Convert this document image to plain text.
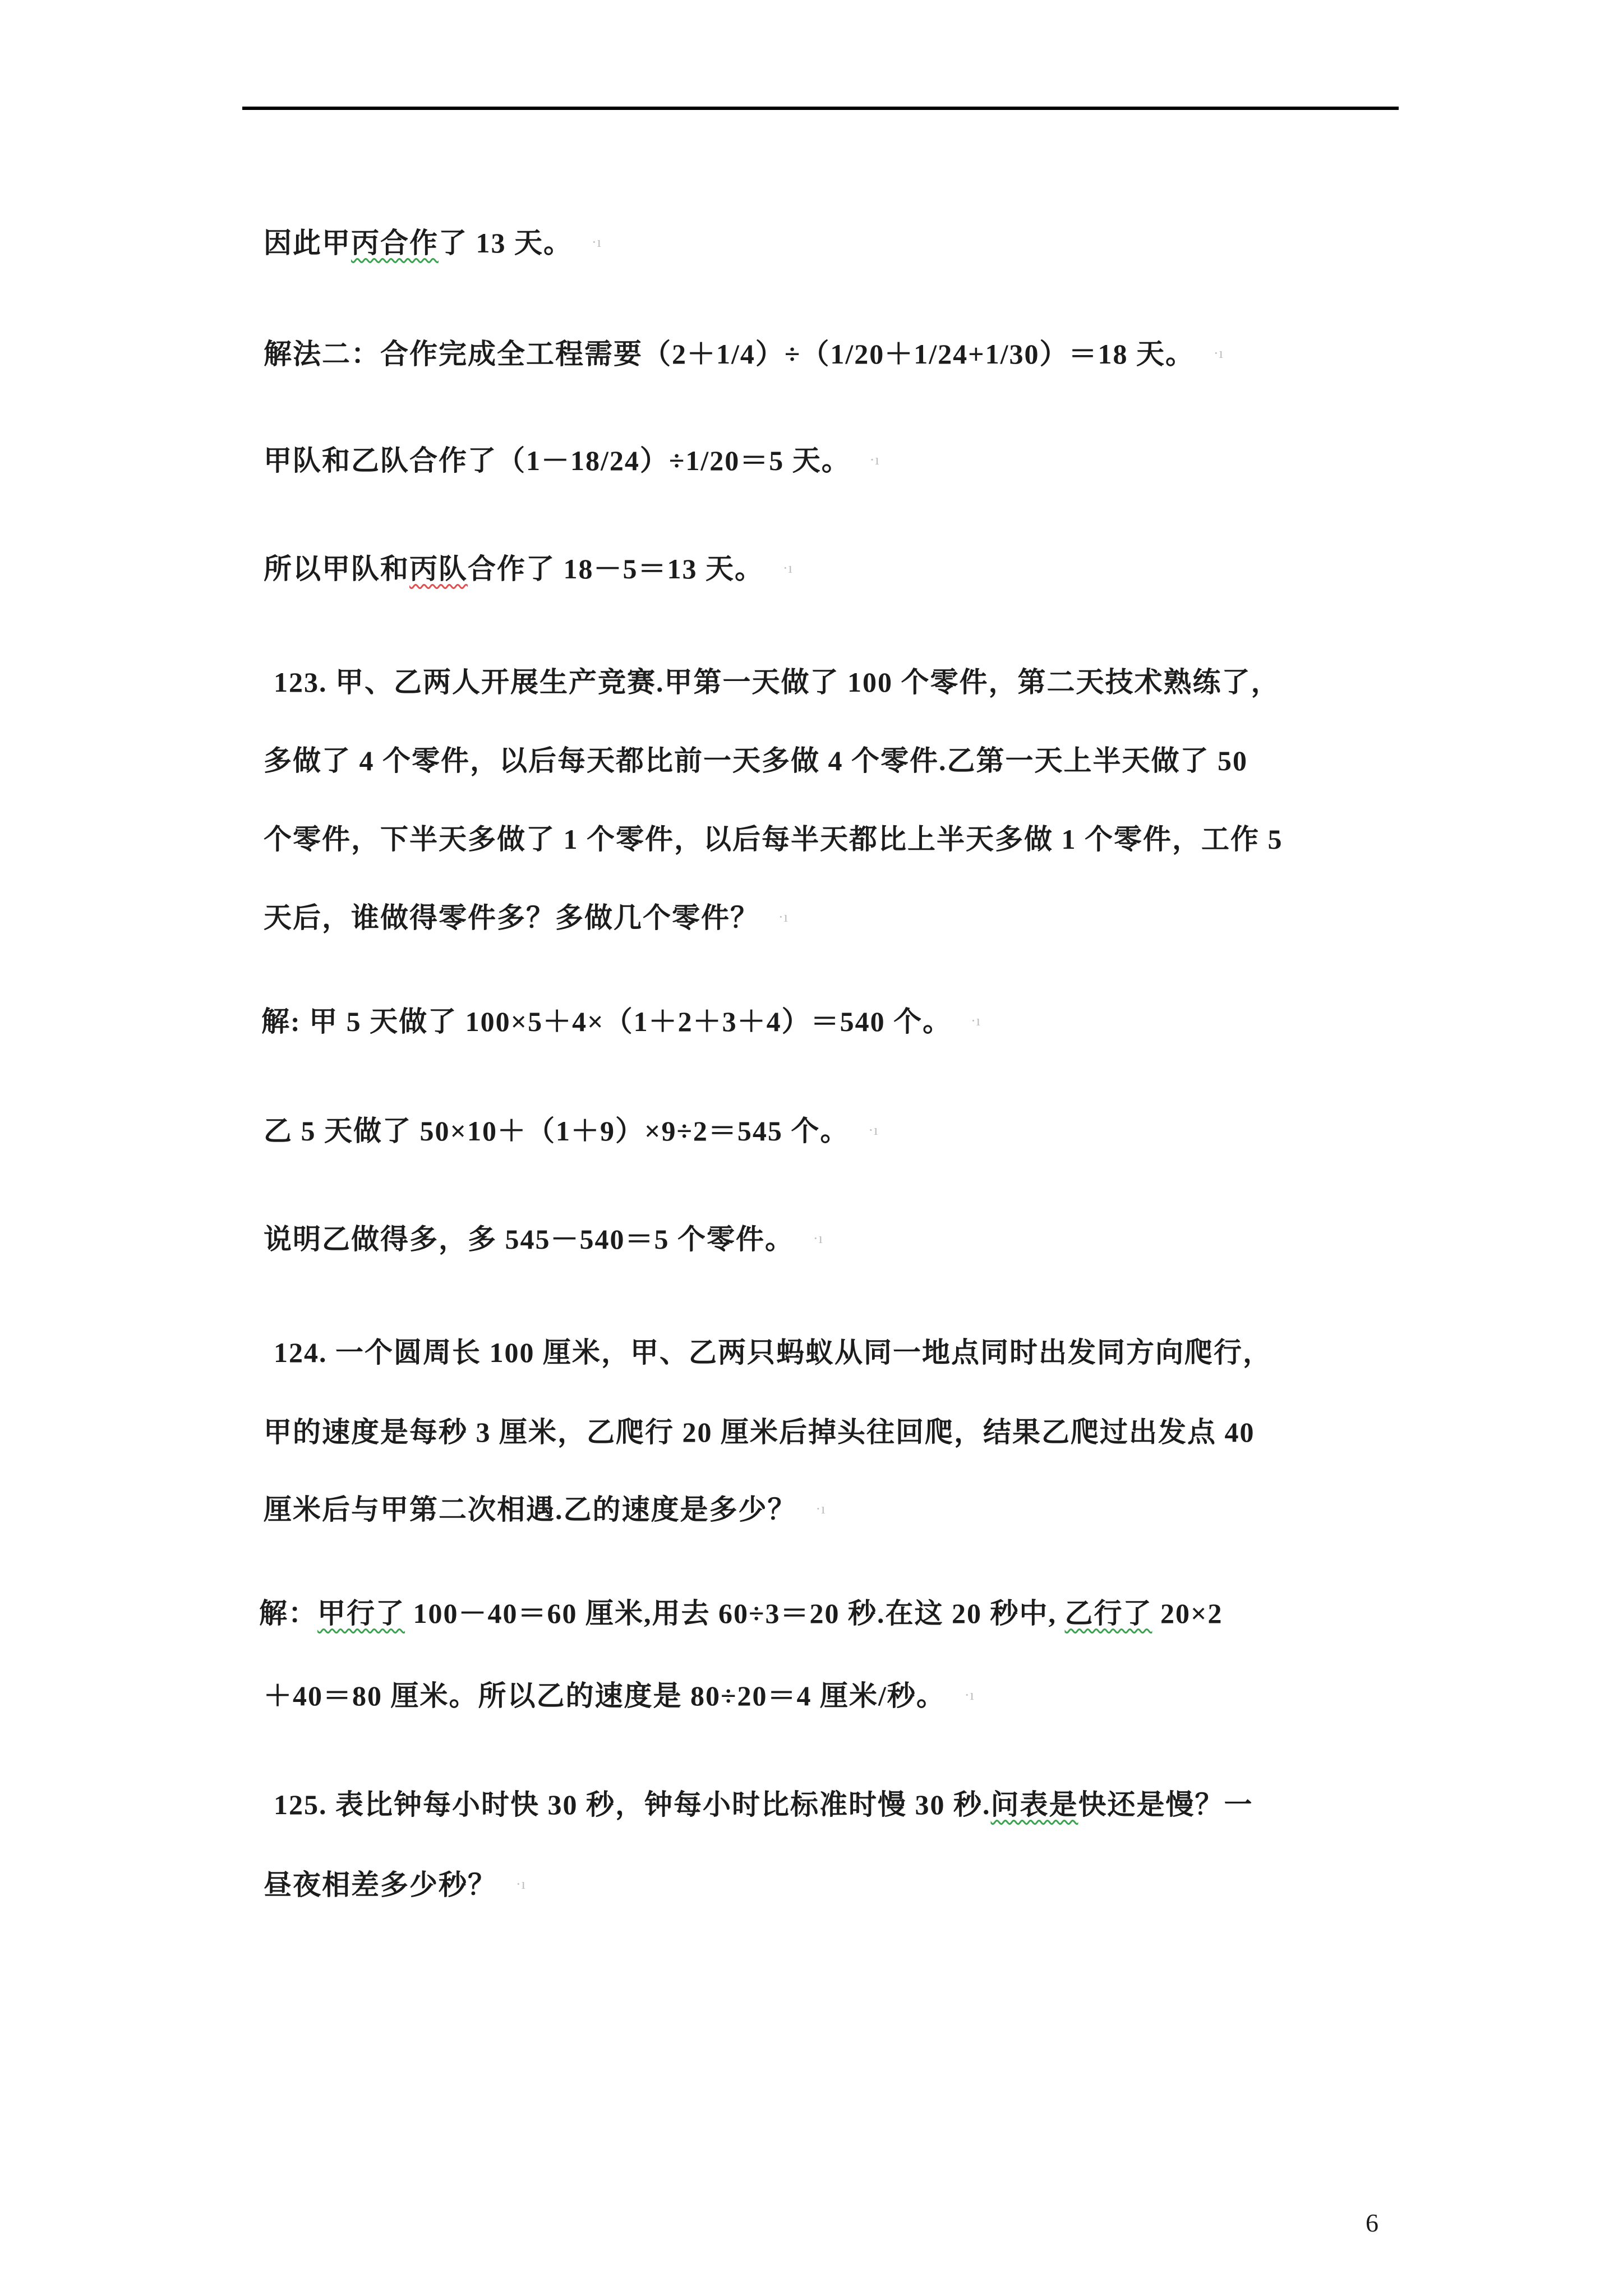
因此甲丙合作了 13 天。 ·ı
解法二：合作完成全工程需要（2＋1/4）÷（1/20＋1/24+1/30）＝18 天。 ·ı
甲队和乙队合作了（1－18/24）÷1/20＝5 天。 ·ı
所以甲队和丙队合作了 18－5＝13 天。 ·ı
123. 甲、乙两人开展生产竞赛.甲第一天做了 100 个零件，第二天技术熟练了，
多做了 4 个零件，以后每天都比前一天多做 4 个零件.乙第一天上半天做了 50
个零件，下半天多做了 1 个零件，以后每半天都比上半天多做 1 个零件，工作 5
天后，谁做得零件多？多做几个零件？ ·ı
解: 甲 5 天做了 100×5＋4×（1＋2＋3＋4）＝540 个。 ·ı
乙 5 天做了 50×10＋（1＋9）×9÷2＝545 个。 ·ı
说明乙做得多，多 545－540＝5 个零件。 ·ı
124. 一个圆周长 100 厘米，甲、乙两只蚂蚁从同一地点同时出发同方向爬行，
甲的速度是每秒 3 厘米，乙爬行 20 厘米后掉头往回爬，结果乙爬过出发点 40
厘米后与甲第二次相遇.乙的速度是多少？ ·ı
解：甲行了 100－40＝60 厘米,用去 60÷3＝20 秒.在这 20 秒中, 乙行了 20×2
＋40＝80 厘米。所以乙的速度是 80÷20＝4 厘米/秒。 ·ı
125. 表比钟每小时快 30 秒，钟每小时比标准时慢 30 秒.问表是快还是慢？一
昼夜相差多少秒？ ·ı
6
